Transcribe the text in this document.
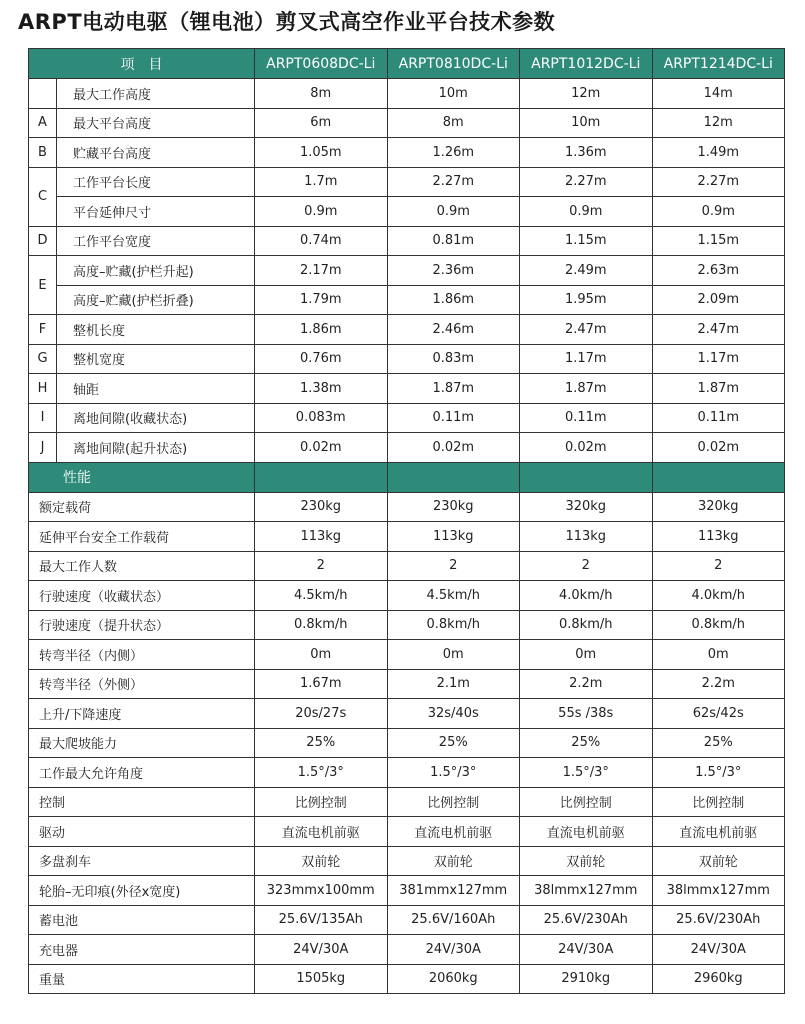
ARPT电动电驱（锂电池）剪叉式高空作业平台技术参数
项　目		ARPT0608DC-Li	ARPT0810DC-Li	ARPT1012DC-Li	ARPT1214DC-Li
	最大工作高度	8m	10m	12m	14m
A	最大平台高度	6m	8m	10m	12m
B	贮藏平台高度	1.05m	1.26m	1.36m	1.49m
C	工作平台长度	1.7m	2.27m	2.27m	2.27m
	平台延伸尺寸	0.9m	0.9m	0.9m	0.9m
D	工作平台宽度	0.74m	0.81m	1.15m	1.15m
E	高度–贮藏(护栏升起)	2.17m	2.36m	2.49m	2.63m
	高度–贮藏(护栏折叠)	1.79m	1.86m	1.95m	2.09m
F	整机长度	1.86m	2.46m	2.47m	2.47m
G	整机宽度	0.76m	0.83m	1.17m	1.17m
H	轴距	1.38m	1.87m	1.87m	1.87m
I	离地间隙(收藏状态)	0.083m	0.11m	0.11m	0.11m
J	离地间隙(起升状态)	0.02m	0.02m	0.02m	0.02m
性能					
额定载荷		230kg	230kg	320kg	320kg
延伸平台安全工作载荷		113kg	113kg	113kg	113kg
最大工作人数		2	2	2	2
行驶速度（收藏状态）		4.5km/h	4.5km/h	4.0km/h	4.0km/h
行驶速度（提升状态）		0.8km/h	0.8km/h	0.8km/h	0.8km/h
转弯半径（内侧）		0m	0m	0m	0m
转弯半径（外侧）		1.67m	2.1m	2.2m	2.2m
上升/下降速度		20s/27s	32s/40s	55s /38s	62s/42s
最大爬坡能力		25%	25%	25%	25%
工作最大允许角度		1.5°/3°	1.5°/3°	1.5°/3°	1.5°/3°
控制		比例控制	比例控制	比例控制	比例控制
驱动		直流电机前驱	直流电机前驱	直流电机前驱	直流电机前驱
多盘刹车		双前轮	双前轮	双前轮	双前轮
轮胎–无印痕(外径x宽度)		323mmx100mm	381mmx127mm	38lmmx127mm	38lmmx127mm
蓄电池		25.6V/135Ah	25.6V/160Ah	25.6V/230Ah	25.6V/230Ah
充电器		24V/30A	24V/30A	24V/30A	24V/30A
重量		1505kg	2060kg	2910kg	2960kg
